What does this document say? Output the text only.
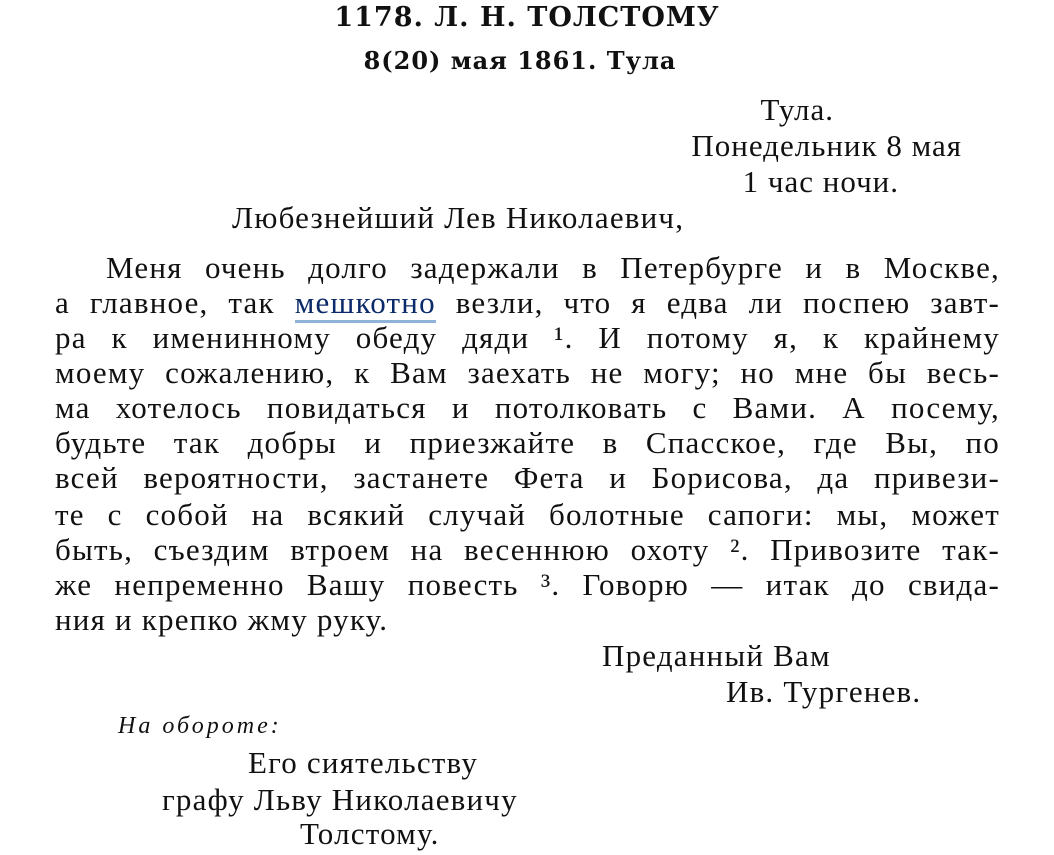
1178. Л. Н. ТОЛСТОМУ
8(20) мая 1861. Тула
Тула.
Понедельник 8 мая
1 час ночи.
Любезнейший Лев Николаевич,
Меня очень долго задержали в Петербурге и в Москве,
а главное, так мешкотно везли, что я едва ли поспею завт-
ра к именинному обеду дяди ¹. И потому я, к крайнему
моему сожалению, к Вам заехать не могу; но мне бы весь-
ма хотелось повидаться и потолковать с Вами. А посему,
будьте так добры и приезжайте в Спасское, где Вы, по
всей вероятности, застанете Фета и Борисова, да привези-
те с собой на всякий случай болотные сапоги: мы, может
быть, съездим втроем на весеннюю охоту ². Привозите так-
же непременно Вашу повесть ³. Говорю — итак до свида-
ния и крепко жму руку.
Преданный Вам
Ив. Тургенев.
На обороте:
Его сиятельству
графу Льву Николаевичу
Толстому.
